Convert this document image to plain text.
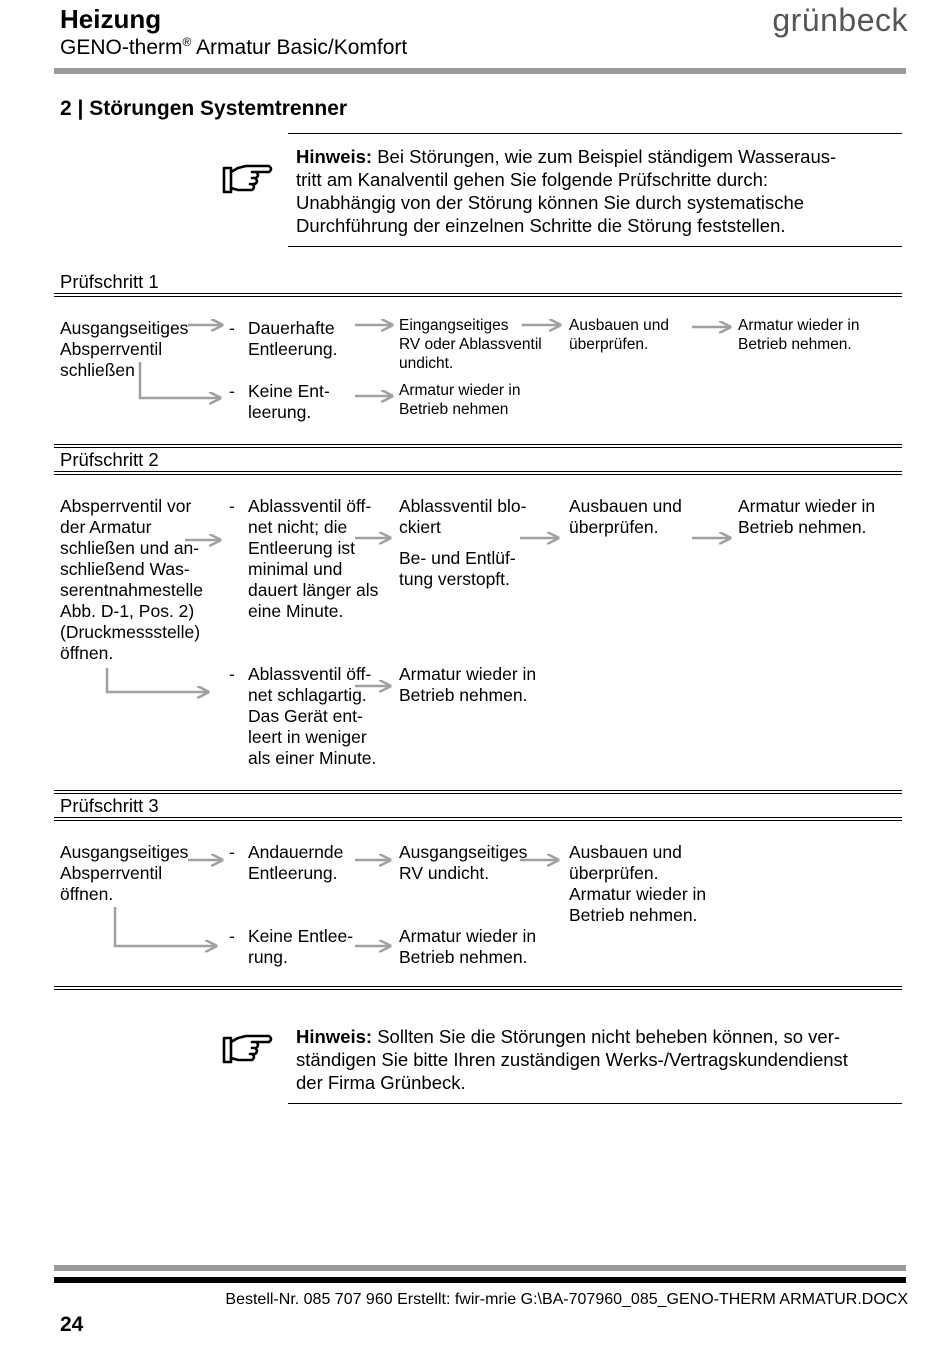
Heizung
GENO-therm® Armatur Basic/Komfort
grünbeck
2 | Störungen Systemtrenner
Hinweis: Bei Störungen, wie zum Beispiel ständigem Wasseraus-
tritt am Kanalventil gehen Sie folgende Prüfschritte durch:
Unabhängig von der Störung können Sie durch systematische
Durchführung der einzelnen Schritte die Störung feststellen.
Prüfschritt 1
Ausgangseitiges
Absperrventil
schließen
- Dauerhafte
Entleerung.
Eingangseitiges
RV oder Ablassventil
undicht.
Ausbauen und
überprüfen.
Armatur wieder in
Betrieb nehmen.
- Keine Ent-
leerung.
Armatur wieder in
Betrieb nehmen
Prüfschritt 2
Absperrventil vor
der Armatur
schließen und an-
schließend Was-
serentnahmestelle
Abb. D-1, Pos. 2)
(Druckmessstelle)
öffnen.
- Ablassventil öff-
net nicht; die
Entleerung ist
minimal und
dauert länger als
eine Minute.
Ablassventil blo-
ckiert
Be- und Entlüf-
tung verstopft.
Ausbauen und
überprüfen.
Armatur wieder in
Betrieb nehmen.
- Ablassventil öff-
net schlagartig.
Das Gerät ent-
leert in weniger
als einer Minute.
Armatur wieder in
Betrieb nehmen.
Prüfschritt 3
Ausgangseitiges
Absperrventil
öffnen.
- Andauernde
Entleerung.
Ausgangseitiges
RV undicht.
Ausbauen und
überprüfen.
Armatur wieder in
Betrieb nehmen.
- Keine Entlee-
rung.
Armatur wieder in
Betrieb nehmen.
Hinweis: Sollten Sie die Störungen nicht beheben können, so ver-
ständigen Sie bitte Ihren zuständigen Werks-/Vertragskundendienst
der Firma Grünbeck.
Bestell-Nr. 085 707 960 Erstellt: fwir-mrie G:\BA-707960_085_GENO-THERM ARMATUR.DOCX
24
